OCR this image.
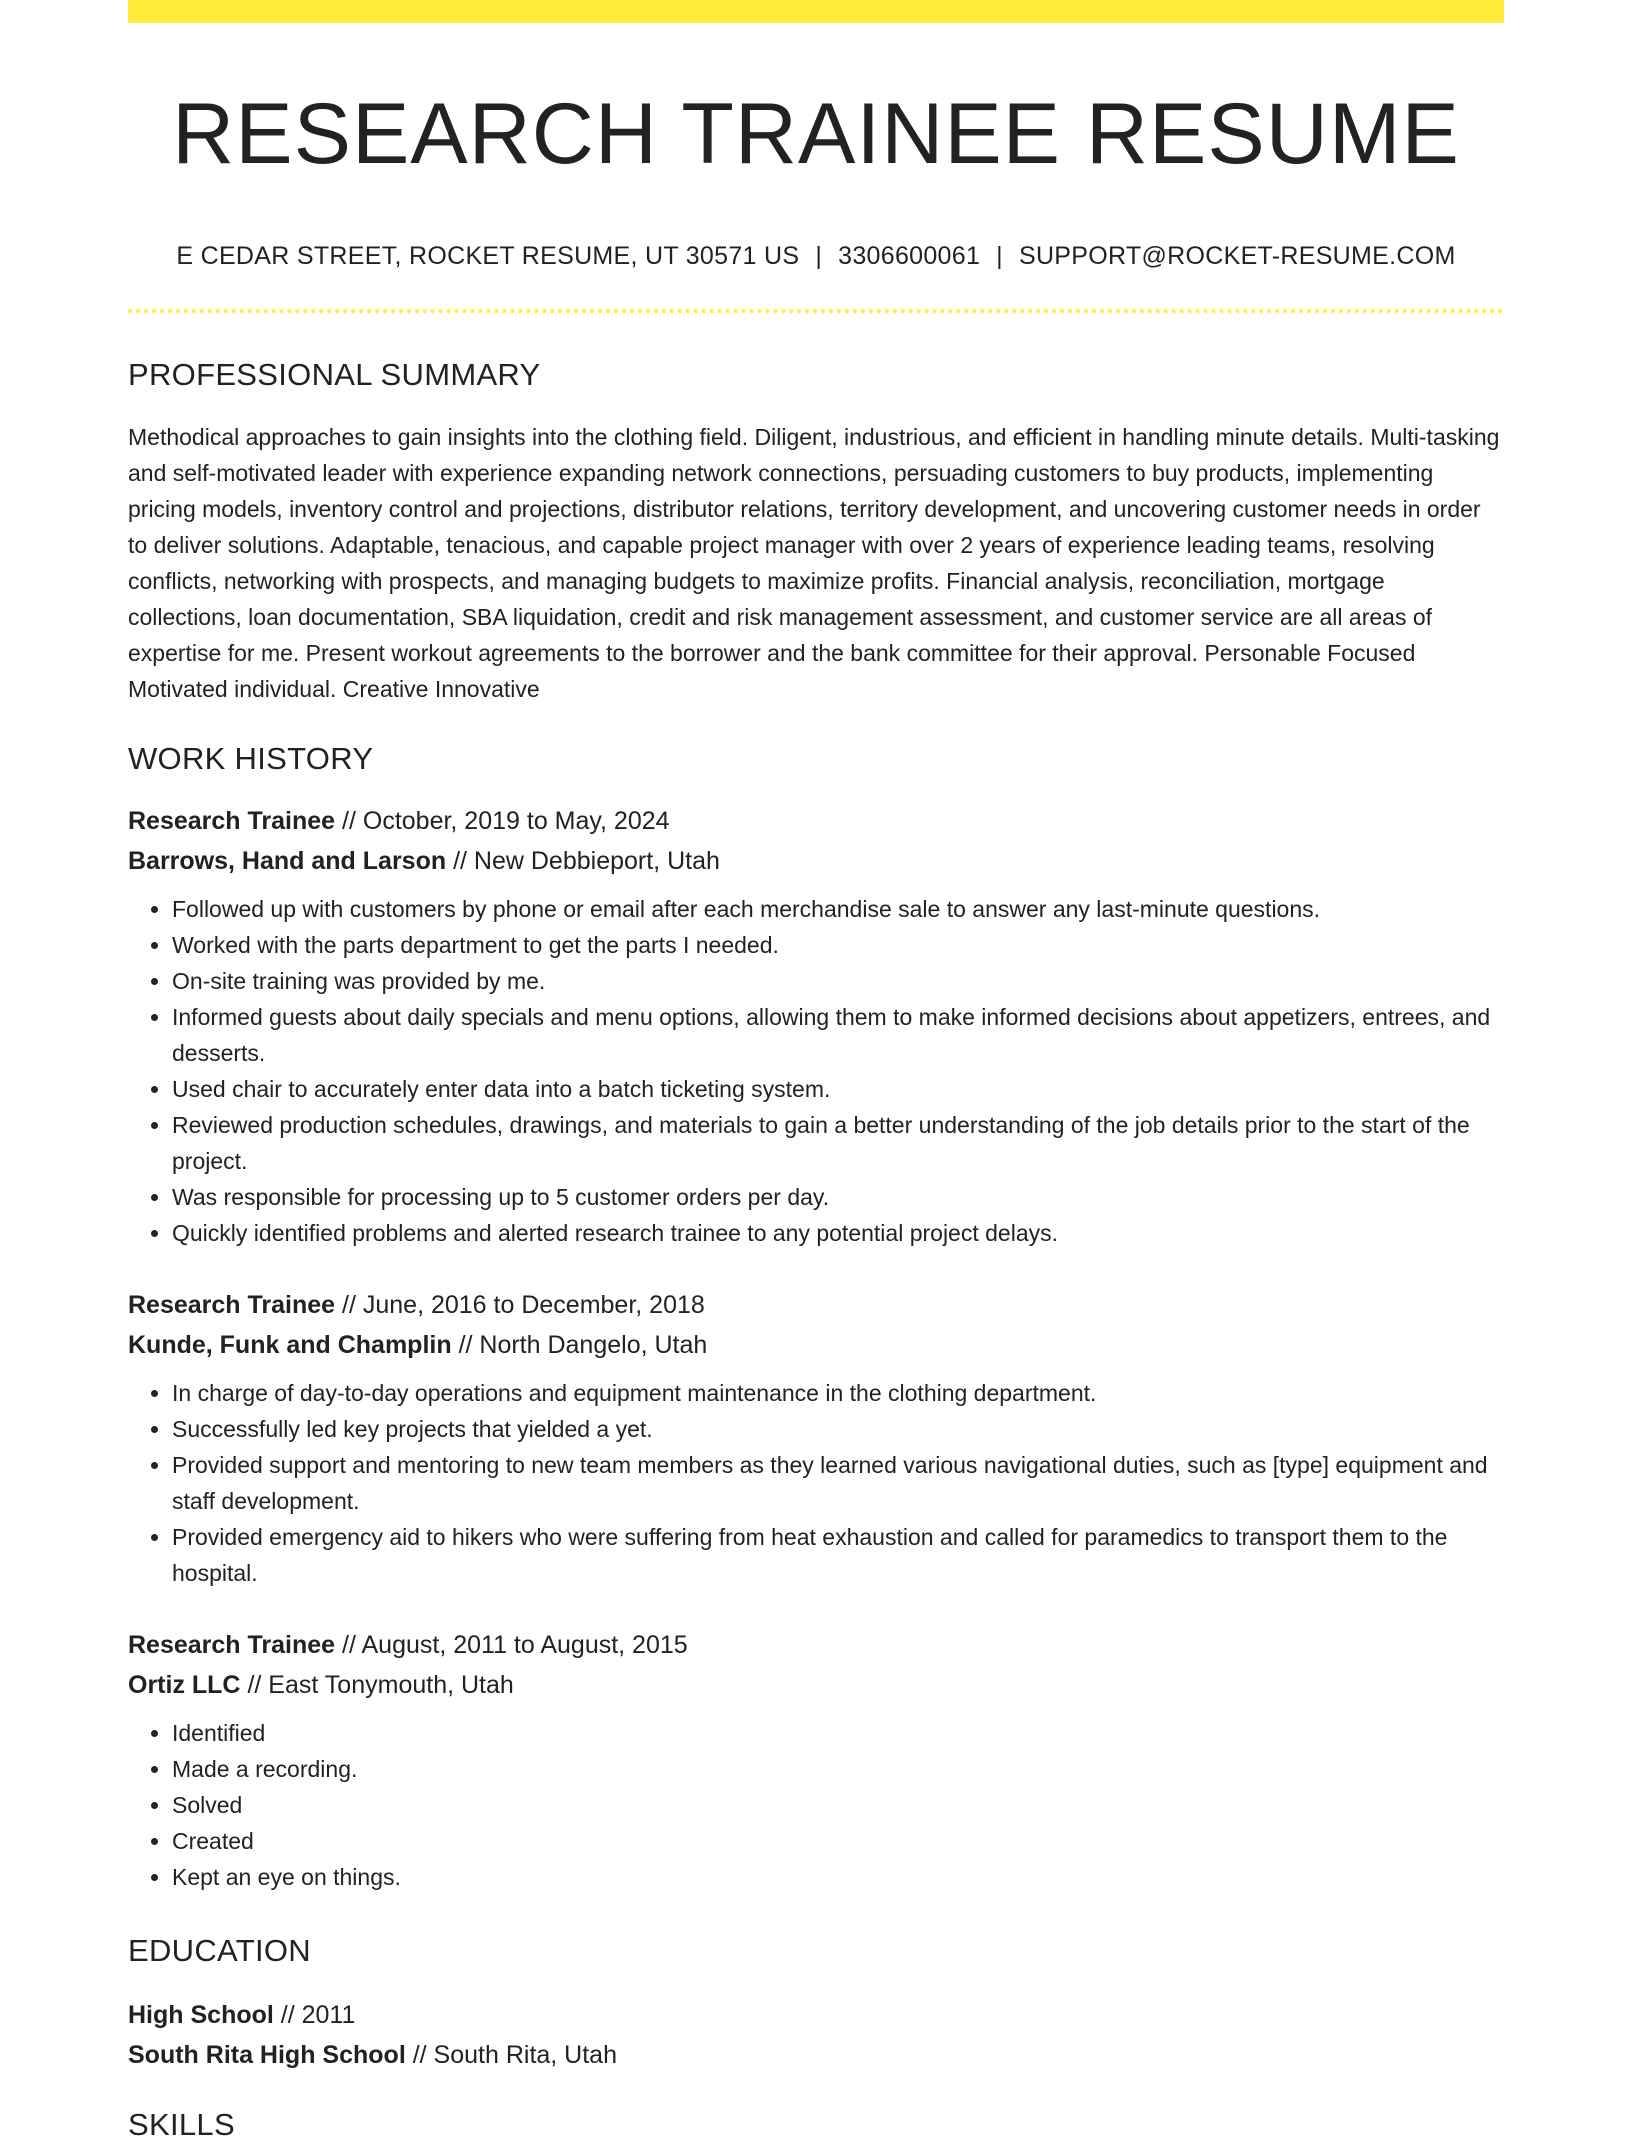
RESEARCH TRAINEE RESUME
E CEDAR STREET, ROCKET RESUME, UT 30571 US | 3306600061 | SUPPORT@ROCKET-RESUME.COM
PROFESSIONAL SUMMARY
Methodical approaches to gain insights into the clothing field. Diligent, industrious, and efficient in handling minute details. Multi-tasking and self-motivated leader with experience expanding network connections, persuading customers to buy products, implementing pricing models, inventory control and projections, distributor relations, territory development, and uncovering customer needs in order to deliver solutions. Adaptable, tenacious, and capable project manager with over 2 years of experience leading teams, resolving conflicts, networking with prospects, and managing budgets to maximize profits. Financial analysis, reconciliation, mortgage collections, loan documentation, SBA liquidation, credit and risk management assessment, and customer service are all areas of expertise for me. Present workout agreements to the borrower and the bank committee for their approval. Personable Focused Motivated individual. Creative Innovative
WORK HISTORY
Research Trainee // October, 2019 to May, 2024
Barrows, Hand and Larson // New Debbieport, Utah
• Followed up with customers by phone or email after each merchandise sale to answer any last-minute questions.
• Worked with the parts department to get the parts I needed.
• On-site training was provided by me.
• Informed guests about daily specials and menu options, allowing them to make informed decisions about appetizers, entrees, and desserts.
• Used chair to accurately enter data into a batch ticketing system.
• Reviewed production schedules, drawings, and materials to gain a better understanding of the job details prior to the start of the project.
• Was responsible for processing up to 5 customer orders per day.
• Quickly identified problems and alerted research trainee to any potential project delays.
Research Trainee // June, 2016 to December, 2018
Kunde, Funk and Champlin // North Dangelo, Utah
• In charge of day-to-day operations and equipment maintenance in the clothing department.
• Successfully led key projects that yielded a yet.
• Provided support and mentoring to new team members as they learned various navigational duties, such as [type] equipment and staff development.
• Provided emergency aid to hikers who were suffering from heat exhaustion and called for paramedics to transport them to the hospital.
Research Trainee // August, 2011 to August, 2015
Ortiz LLC // East Tonymouth, Utah
• Identified
• Made a recording.
• Solved
• Created
• Kept an eye on things.
EDUCATION
High School // 2011
South Rita High School // South Rita, Utah
SKILLS
